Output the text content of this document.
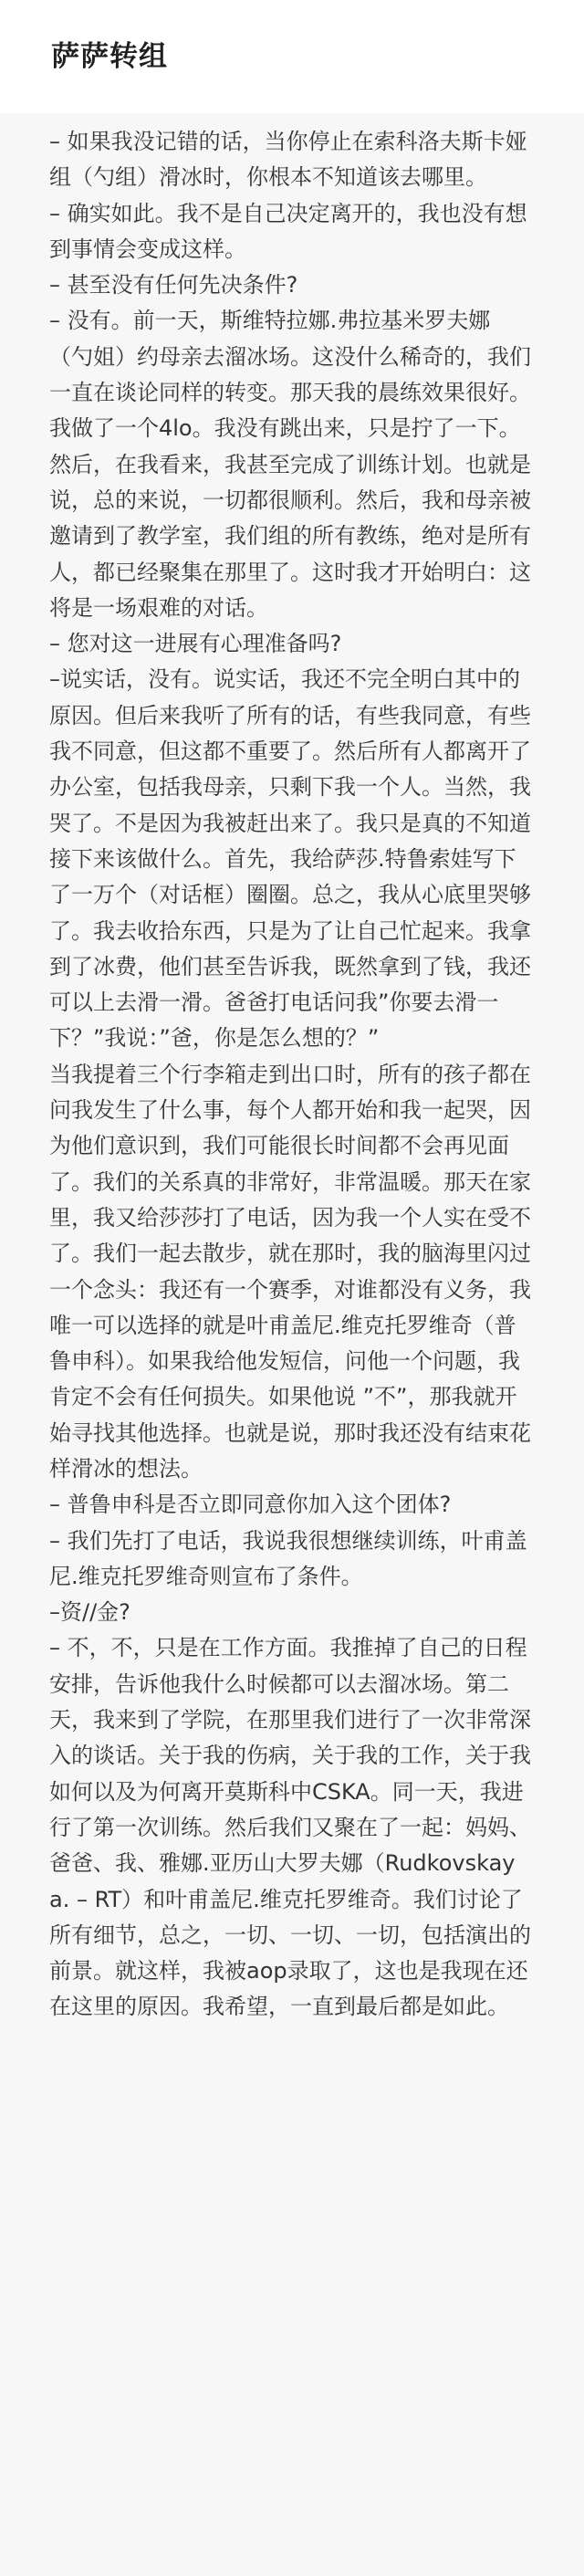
萨萨转组

– 如果我没记错的话，当你停止在索科洛夫斯卡娅组（勺组）滑冰时，你根本不知道该去哪里。

– 确实如此。我不是自己决定离开的，我也没有想到事情会变成这样。

– 甚至没有任何先决条件?

– 没有。前一天，斯维特拉娜.弗拉基米罗夫娜（勺姐）约母亲去溜冰场。这没什么稀奇的，我们一直在谈论同样的转变。那天我的晨练效果很好。我做了一个4lo。我没有跳出来，只是拧了一下。然后，在我看来，我甚至完成了训练计划。也就是说，总的来说，一切都很顺利。然后，我和母亲被邀请到了教学室，我们组的所有教练，绝对是所有人，都已经聚集在那里了。这时我才开始明白：这将是一场艰难的对话。

– 您对这一进展有心理准备吗?

–说实话，没有。说实话，我还不完全明白其中的原因。但后来我听了所有的话，有些我同意，有些我不同意，但这都不重要了。然后所有人都离开了办公室，包括我母亲，只剩下我一个人。当然，我哭了。不是因为我被赶出来了。我只是真的不知道接下来该做什么。首先，我给萨莎.特鲁索娃写下了一万个（对话框）圈圈。总之，我从心底里哭够了。我去收拾东西，只是为了让自己忙起来。我拿到了冰费，他们甚至告诉我，既然拿到了钱，我还可以上去滑一滑。爸爸打电话问我”你要去滑一下？”我说：”爸，你是怎么想的？”

当我提着三个行李箱走到出口时，所有的孩子都在问我发生了什么事，每个人都开始和我一起哭，因为他们意识到，我们可能很长时间都不会再见面了。我们的关系真的非常好，非常温暖。那天在家里，我又给莎莎打了电话，因为我一个人实在受不了。我们一起去散步，就在那时，我的脑海里闪过一个念头：我还有一个赛季，对谁都没有义务，我唯一可以选择的就是叶甫盖尼.维克托罗维奇（普鲁申科）。如果我给他发短信，问他一个问题，我肯定不会有任何损失。如果他说 ”不”，那我就开始寻找其他选择。也就是说，那时我还没有结束花样滑冰的想法。

– 普鲁申科是否立即同意你加入这个团体?

– 我们先打了电话，我说我很想继续训练，叶甫盖尼.维克托罗维奇则宣布了条件。

–资//金?

– 不，不，只是在工作方面。我推掉了自己的日程安排，告诉他我什么时候都可以去溜冰场。第二天，我来到了学院，在那里我们进行了一次非常深入的谈话。关于我的伤病，关于我的工作，关于我如何以及为何离开莫斯科中CSKA。同一天，我进行了第一次训练。然后我们又聚在了一起：妈妈、爸爸、我、雅娜.亚历山大罗夫娜（Rudkovskaya. – RT）和叶甫盖尼.维克托罗维奇。我们讨论了所有细节，总之，一切、一切、一切，包括演出的前景。就这样，我被aop录取了，这也是我现在还在这里的原因。我希望，一直到最后都是如此。
